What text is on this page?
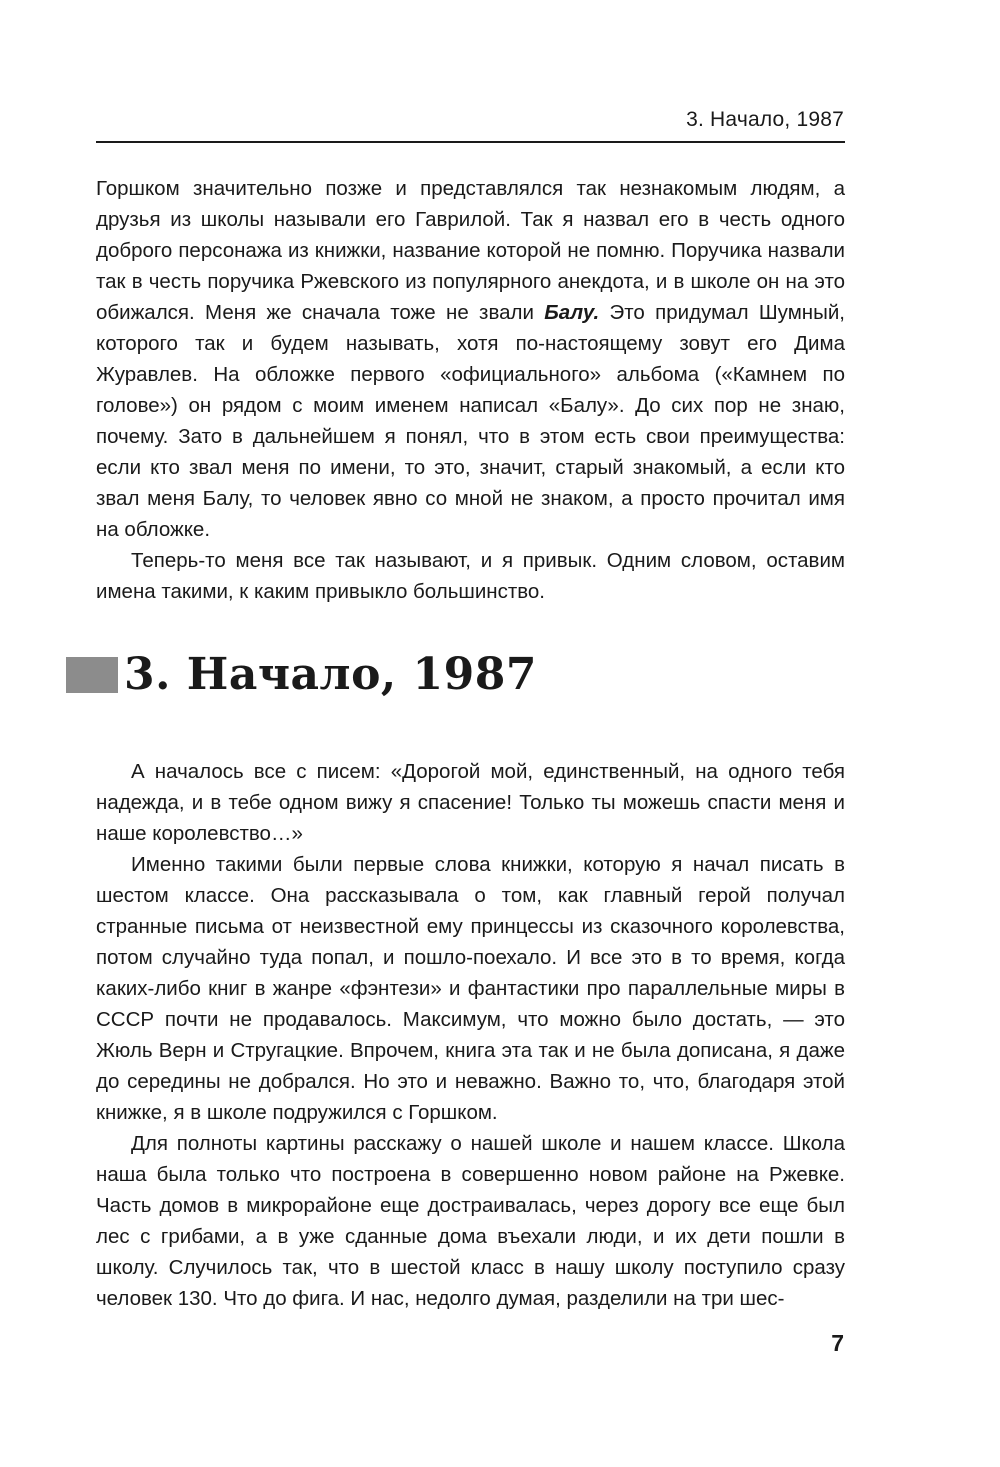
3. Начало, 1987

Горшком значительно позже и представлялся так незнакомым людям, а друзья из школы называли его Гаврилой. Так я назвал его в честь одного доброго персонажа из книжки, название которой не помню. Поручика назвали так в честь поручика Ржевского из популярного анекдота, и в школе он на это обижался. Меня же сначала тоже не звали Балу. Это придумал Шумный, которого так и будем называть, хотя по-настоящему зовут его Дима Журавлев. На обложке первого «официального» альбома («Камнем по голове») он рядом с моим именем написал «Балу». До сих пор не знаю, почему. Зато в дальнейшем я понял, что в этом есть свои преимущества: если кто звал меня по имени, то это, значит, старый знакомый, а если кто звал меня Балу, то человек явно со мной не знаком, а просто прочитал имя на обложке.

Теперь-то меня все так называют, и я привык. Одним словом, оставим имена такими, к каким привыкло большинство.

3. Начало, 1987

А началось все с писем: «Дорогой мой, единственный, на одного тебя надежда, и в тебе одном вижу я спасение! Только ты можешь спасти меня и наше королевство…»

Именно такими были первые слова книжки, которую я начал писать в шестом классе. Она рассказывала о том, как главный герой получал странные письма от неизвестной ему принцессы из сказочного королевства, потом случайно туда попал, и пошло-поехало. И все это в то время, когда каких-либо книг в жанре «фэнтези» и фантастики про параллельные миры в СССР почти не продавалось. Максимум, что можно было достать, — это Жюль Верн и Стругацкие. Впрочем, книга эта так и не была дописана, я даже до середины не добрался. Но это и неважно. Важно то, что, благодаря этой книжке, я в школе подружился с Горшком.

Для полноты картины расскажу о нашей школе и нашем классе. Школа наша была только что построена в совершенно новом районе на Ржевке. Часть домов в микрорайоне еще достраивалась, через дорогу все еще был лес с грибами, а в уже сданные дома въехали люди, и их дети пошли в школу. Случилось так, что в шестой класс в нашу школу поступило сразу человек 130. Что до фига. И нас, недолго думая, разделили на три шес-

7
